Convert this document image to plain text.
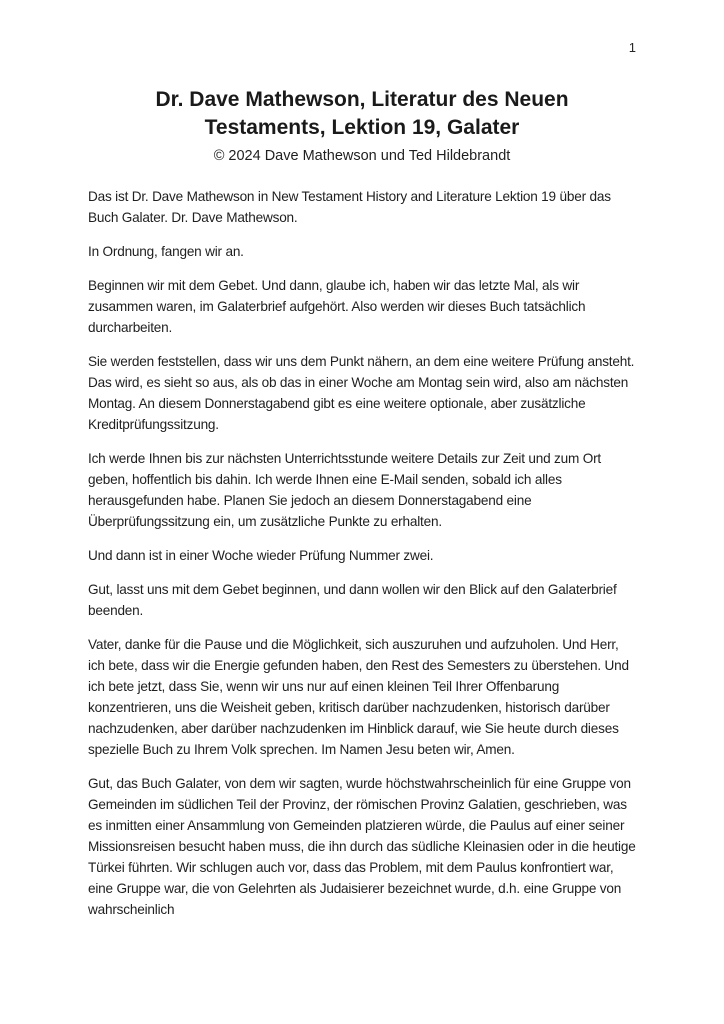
1
Dr. Dave Mathewson, Literatur des Neuen
Testaments, Lektion 19, Galater
© 2024 Dave Mathewson und Ted Hildebrandt

Das ist Dr. Dave Mathewson in New Testament History and Literature Lektion 19 über das Buch Galater. Dr. Dave Mathewson.

In Ordnung, fangen wir an.

Beginnen wir mit dem Gebet. Und dann, glaube ich, haben wir das letzte Mal, als wir zusammen waren, im Galaterbrief aufgehört. Also werden wir dieses Buch tatsächlich durcharbeiten.

Sie werden feststellen, dass wir uns dem Punkt nähern, an dem eine weitere Prüfung ansteht. Das wird, es sieht so aus, als ob das in einer Woche am Montag sein wird, also am nächsten Montag. An diesem Donnerstagabend gibt es eine weitere optionale, aber zusätzliche Kreditprüfungssitzung.

Ich werde Ihnen bis zur nächsten Unterrichtsstunde weitere Details zur Zeit und zum Ort geben, hoffentlich bis dahin. Ich werde Ihnen eine E-Mail senden, sobald ich alles herausgefunden habe. Planen Sie jedoch an diesem Donnerstagabend eine Überprüfungssitzung ein, um zusätzliche Punkte zu erhalten.

Und dann ist in einer Woche wieder Prüfung Nummer zwei.

Gut, lasst uns mit dem Gebet beginnen, und dann wollen wir den Blick auf den Galaterbrief beenden.

Vater, danke für die Pause und die Möglichkeit, sich auszuruhen und aufzuholen. Und Herr, ich bete, dass wir die Energie gefunden haben, den Rest des Semesters zu überstehen. Und ich bete jetzt, dass Sie, wenn wir uns nur auf einen kleinen Teil Ihrer Offenbarung konzentrieren, uns die Weisheit geben, kritisch darüber nachzudenken, historisch darüber nachzudenken, aber darüber nachzudenken im Hinblick darauf, wie Sie heute durch dieses spezielle Buch zu Ihrem Volk sprechen. Im Namen Jesu beten wir, Amen.

Gut, das Buch Galater, von dem wir sagten, wurde höchstwahrscheinlich für eine Gruppe von Gemeinden im südlichen Teil der Provinz, der römischen Provinz Galatien, geschrieben, was es inmitten einer Ansammlung von Gemeinden platzieren würde, die Paulus auf einer seiner Missionsreisen besucht haben muss, die ihn durch das südliche Kleinasien oder in die heutige Türkei führten. Wir schlugen auch vor, dass das Problem, mit dem Paulus konfrontiert war, eine Gruppe war, die von Gelehrten als Judaisierer bezeichnet wurde, d.h. eine Gruppe von wahrscheinlich
